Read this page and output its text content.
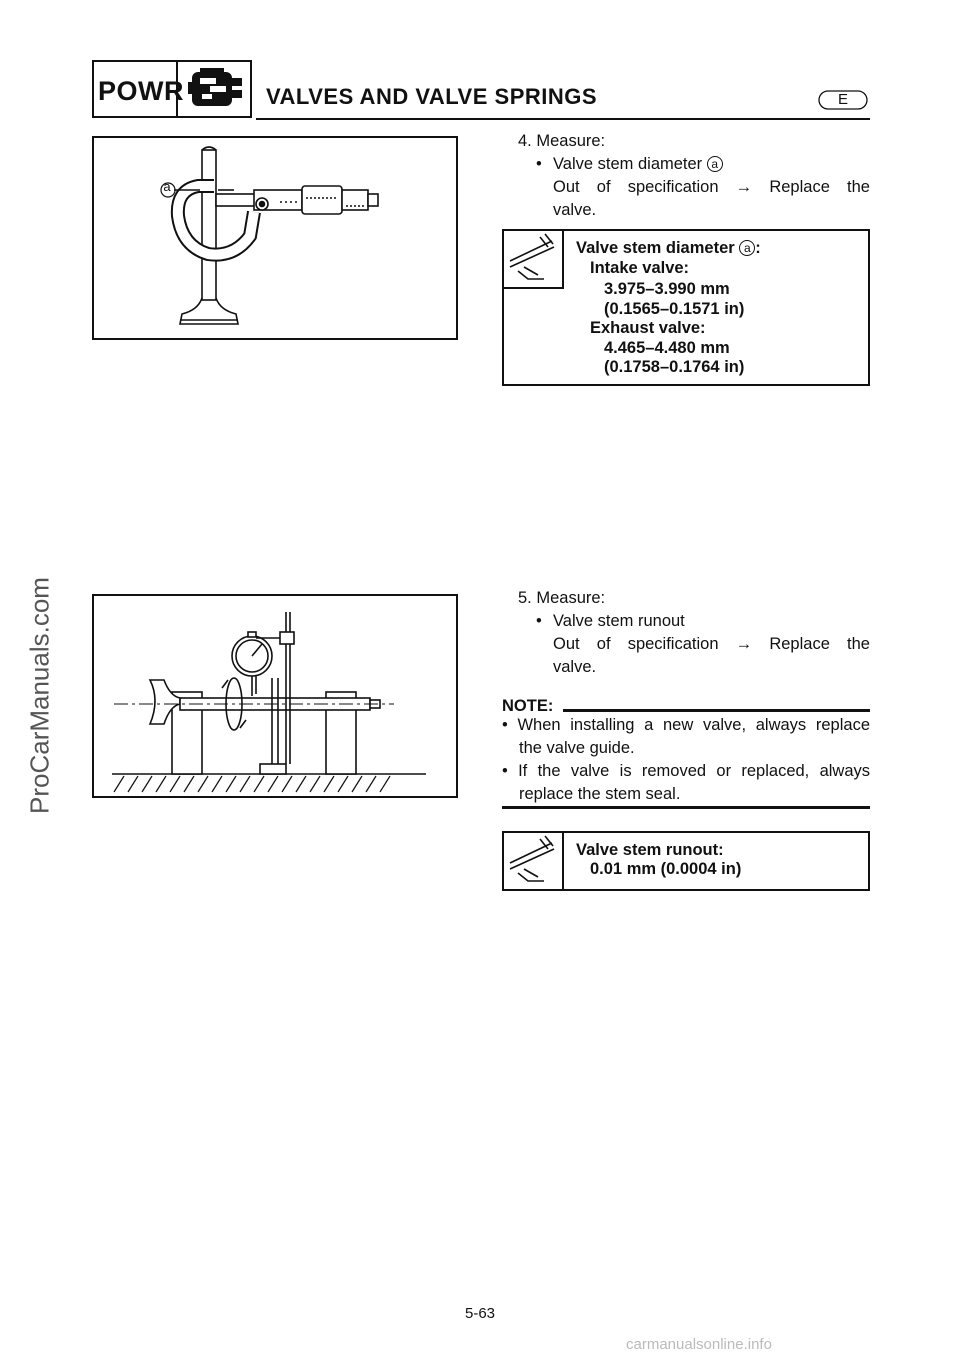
POWR	VALVES AND VALVE SPRINGS	E
ProCarManuals.com
a
4. Measure:
• Valve stem diameter a
Out of specification → Replace the
valve.
Valve stem diameter a :
Intake valve:
3.975–3.990 mm
(0.1565–0.1571 in)
Exhaust valve:
4.465–4.480 mm
(0.1758–0.1764 in)
5. Measure:
• Valve stem runout
Out of specification → Replace the
valve.
NOTE:
• When installing a new valve, always replace
the valve guide.
• If the valve is removed or replaced, always
replace the stem seal.
Valve stem runout:
0.01 mm (0.0004 in)
5-63
carmanualsonline.info
